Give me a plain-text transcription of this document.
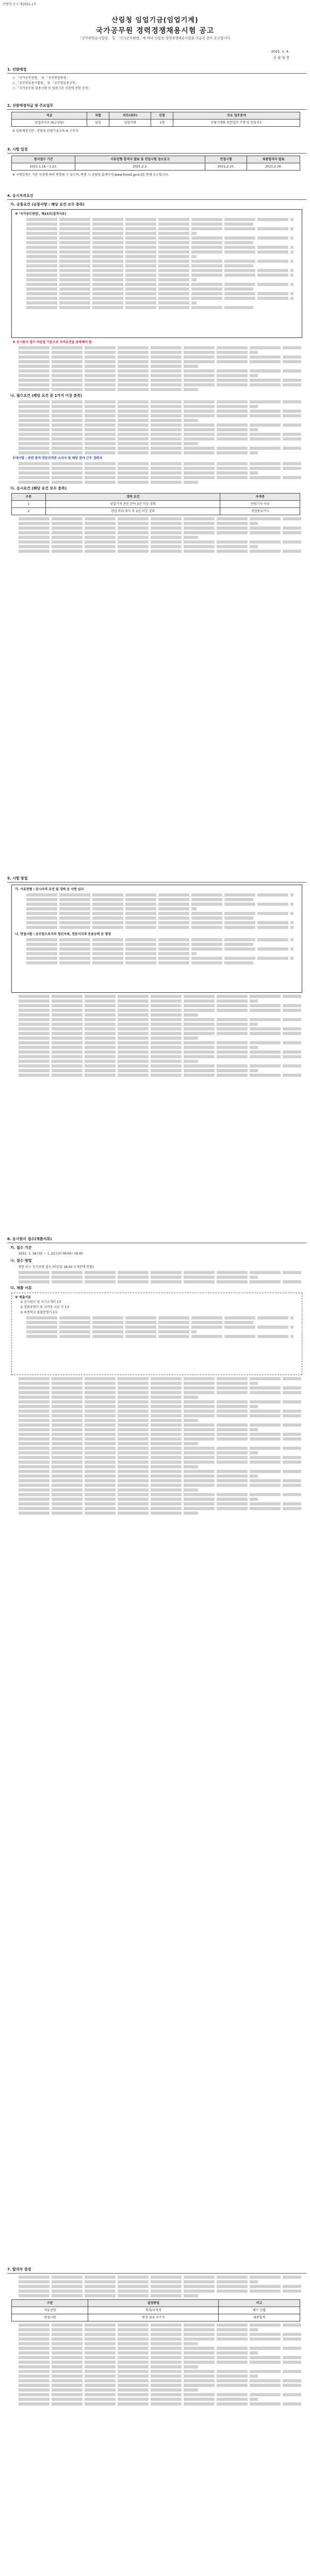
산림청 공고 제2021-1호
산림청 임업기금(임업기계)
국가공무원 경력경쟁채용시험 공고
「공무원임용시험령」 및 「국가공무원법」에 따라 산림청 경력경쟁채용시험을 다음과 같이 공고합니다.
2021. 1. 4.
산 림 청 장
1. 선발예정
○ 「국가공무원법」 및 「공무원임용령」
○ 「공무원임용시험령」 및 「공무원임용규칙」
○ 「국가공무원 임용시험 등 임용기준 지정에 관한 규정」
2. 선발예정직급 및 주요업무
직급	직렬	직무(세부)	인원	주요 업무분야
임업주사보 (6급상당)	임업	임업기계	1명	산림기계화 전문업무 수행 및 현장지도
※ 임용예정기관 : 산림청 산림기술교육 ※ 근무지
3. 시험 일정
원서접수 기간	서류전형 합격자 발표 및 면접시험 장소공고	면접시험	최종합격자 발표
2021.1.18.~1.22.	2021.2.3.	2021.2.10.	2021.2.18.
※ 시험일정은 기관 사정에 따라 변경될 수 있으며, 변경 시 산림청 홈페이지(www.forest.go.kr)를 통해 공고합니다.
4. 응시자격요건
가. 공통요건 (공통사항 : 해당 요건 모두 충족)
※ '국가공무원법', 제33조(결격사유)
※ 응시원서 접수 마감일 기준으로 자격요건을 충족해야 함
나. 필수요건 (해당 요건 중 1가지 이상 충족)
우대사항 : 관련 분야 전문자격증 소지자 및 해당 분야 근무 경력자
다. 응시요건 (해당 요건 모두 충족)
구분	경력 요건	자격증
1	임업기계 관련 분야 3년 이상 경력	산림기사 이상
2	관련 학위 취득 후 2년 이상 경력	임업종묘기사
5. 시험 방법
가. 서류전형 : 응시자격 요건 및 경력 등 서면 심사
나. 면접시험 : 공무원으로서의 정신자세, 전문지식과 응용능력 등 평정
6. 응시원서 접수(제출서류)
가. 접수 기간
2021. 1. 18.(월) ~ 1. 22.(금) 09:00~18:00
나. 접수 방법
방문 또는 등기우편 접수 (마감일 18:00 도착분에 한함)
다. 제출 서류
※ 제출서류
① 응시원서 및 자기소개서 1부
② 경력증명서 및 자격증 사본 각 1부
③ 최종학교 졸업증명서 1부
7. 합격자 결정
구분	결정방법	비고
서류전형	적격/부적격	배수 선발
면접시험	평정 결과 우수자	최종합격
